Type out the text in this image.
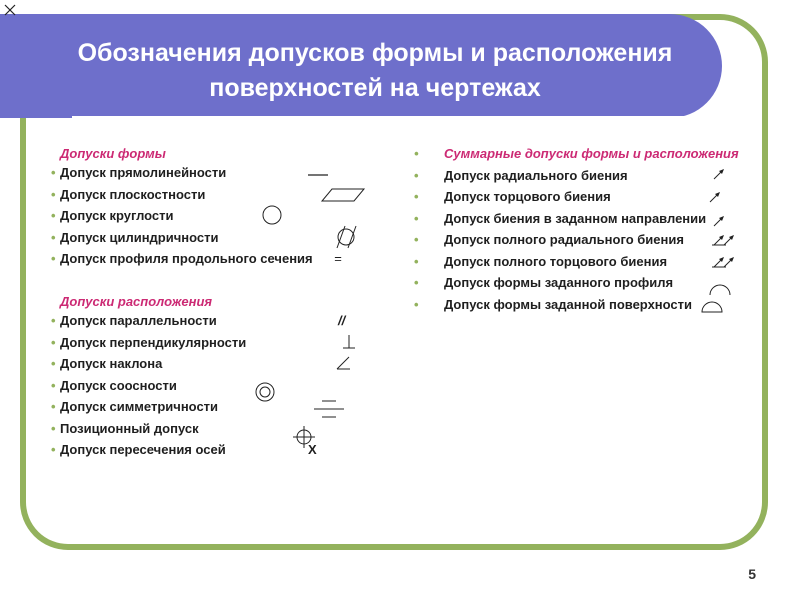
Обозначения допусков формы и расположения поверхностей на чертежах
Допуски формы
• Допуск прямолинейности
• Допуск плоскостности
• Допуск круглости
• Допуск цилиндричности
• Допуск профиля продольного сечения =
Допуски расположения
• Допуск параллельности	//
• Допуск перпендикулярности
• Допуск наклона
• Допуск соосности
• Допуск симметричности
• Позиционный допуск
• Допуск пересечения осей	X
• Суммарные допуски формы и расположения
• Допуск радиального биения
• Допуск торцового биения
• Допуск биения в заданном направлении
• Допуск полного радиального биения
• Допуск полного торцового биения
• Допуск формы заданного профиля
• Допуск формы заданной поверхности
5
